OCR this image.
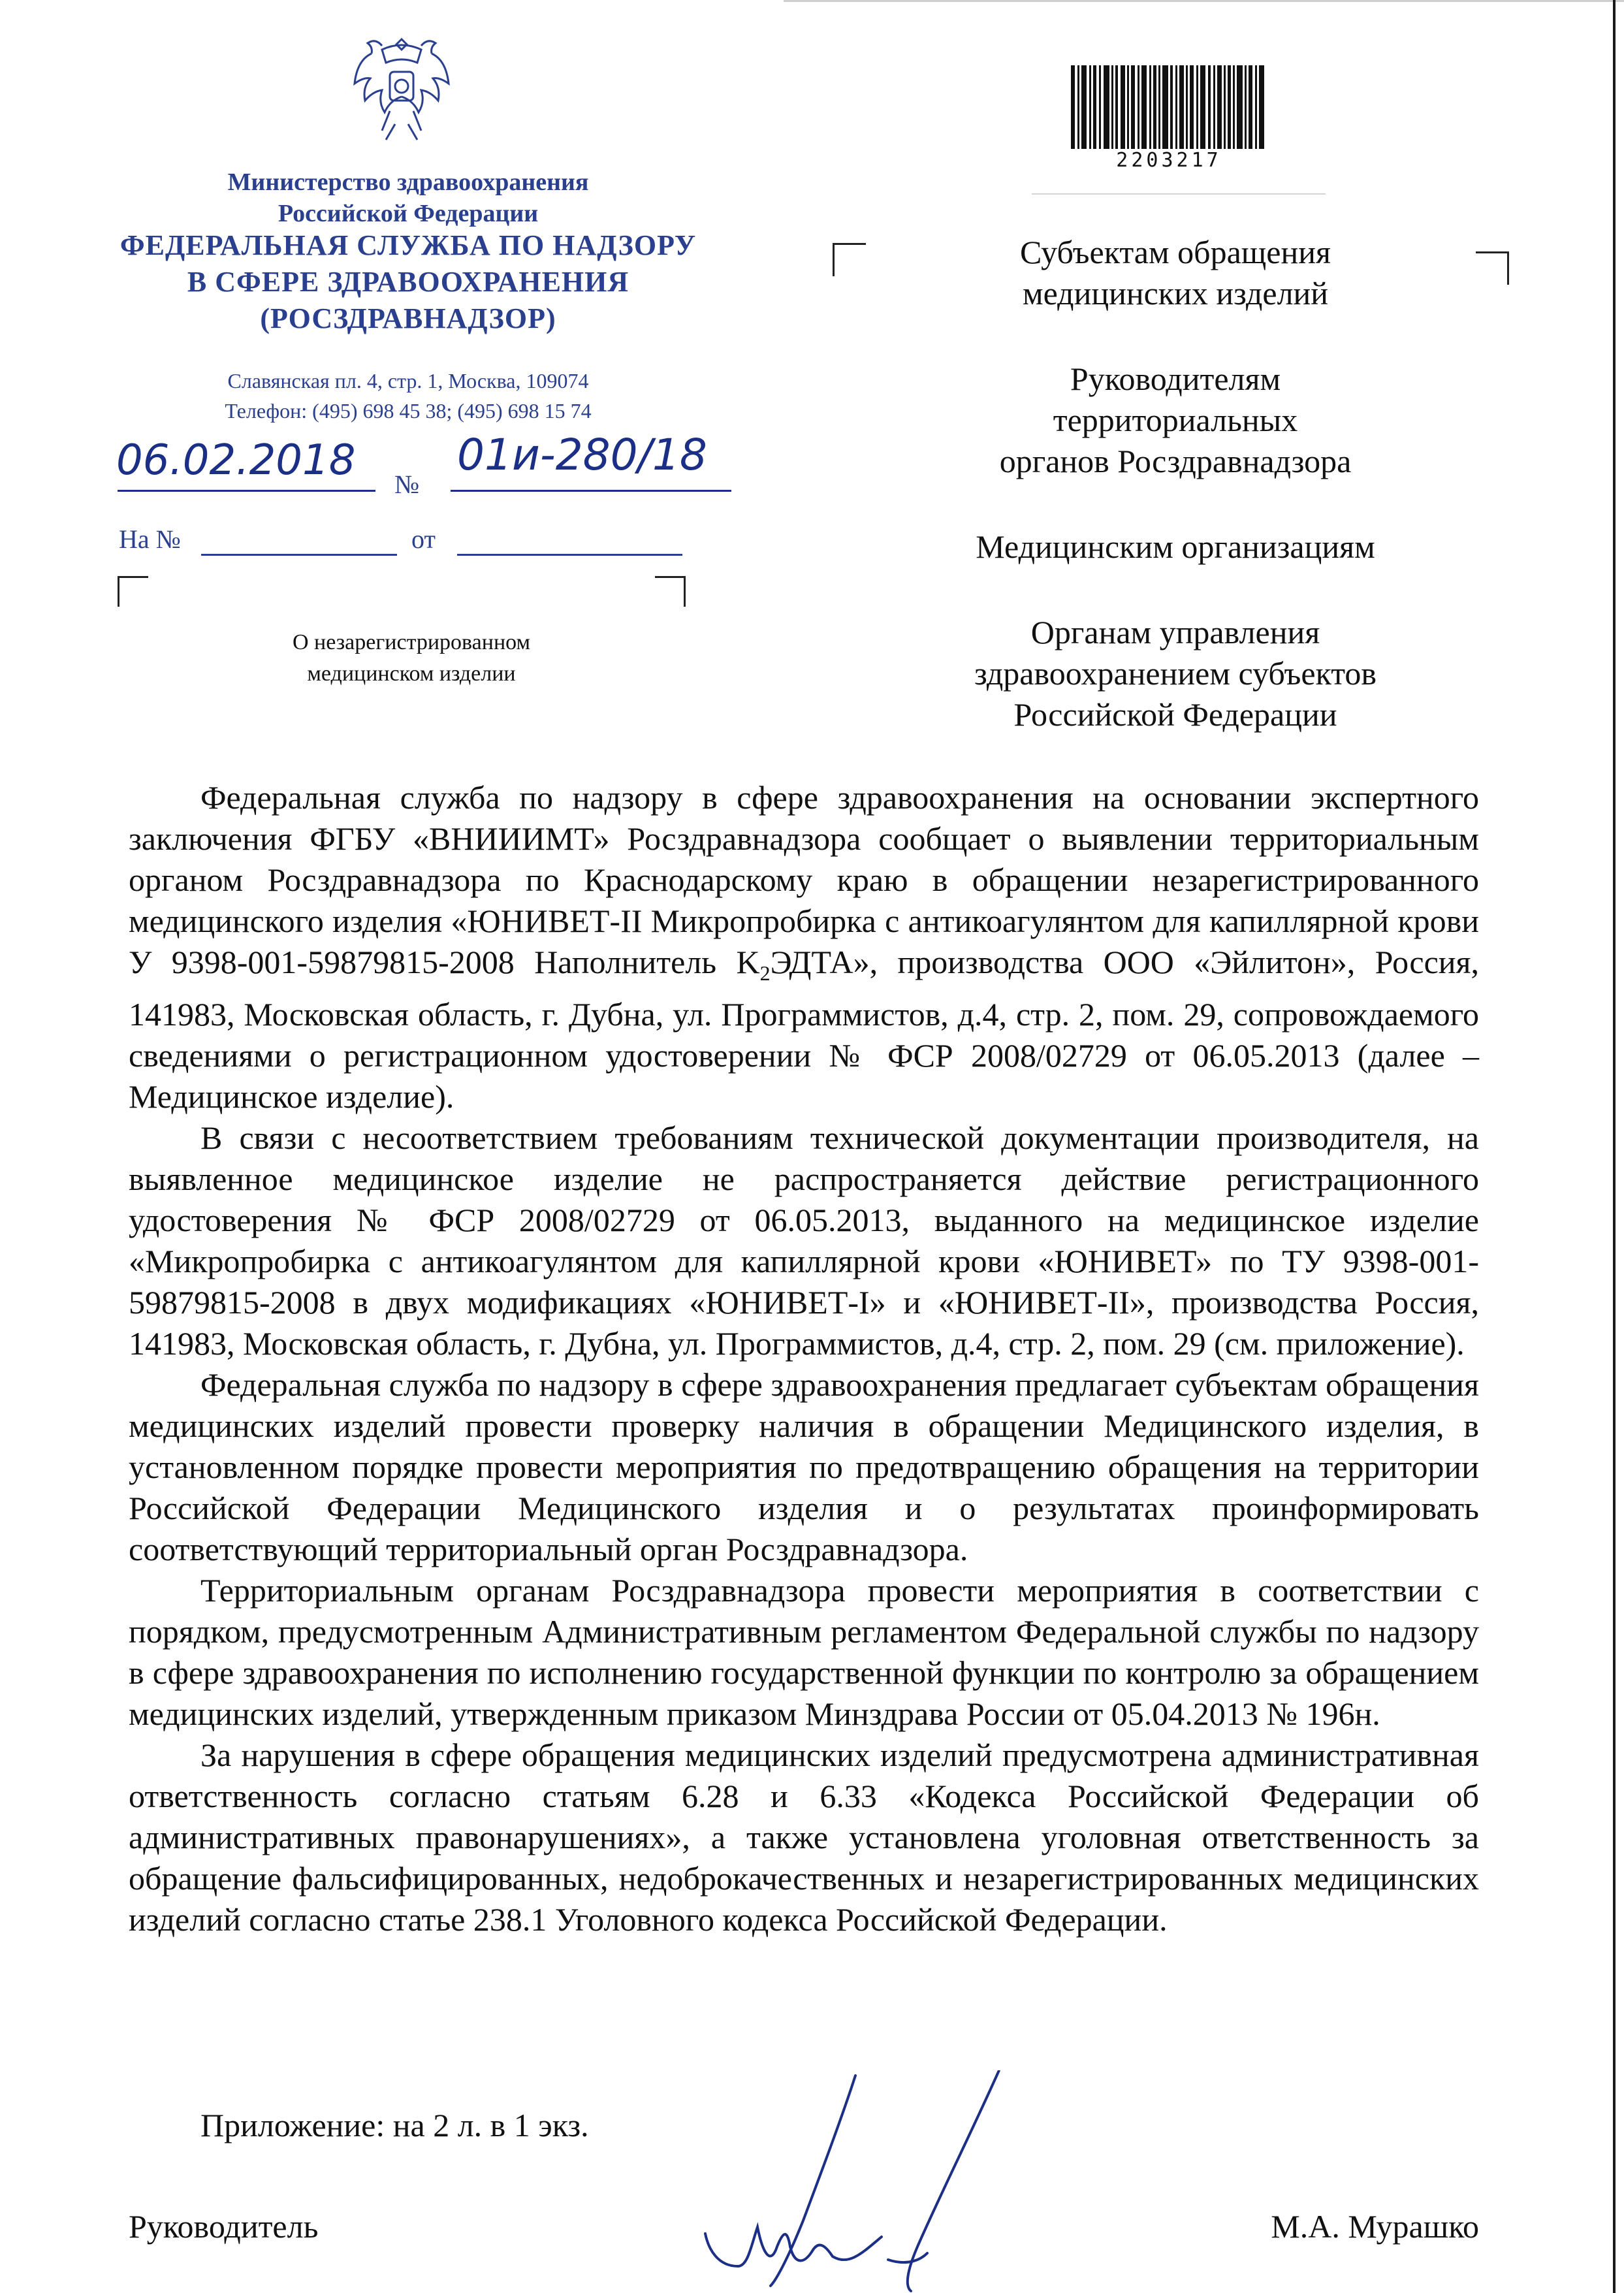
Министерство здравоохранения
Российской Федерации
ФЕДЕРАЛЬНАЯ СЛУЖБА ПО НАДЗОРУ
В СФЕРЕ ЗДРАВООХРАНЕНИЯ
(РОСЗДРАВНАДЗОР)
Славянская пл. 4, стр. 1, Москва, 109074
Телефон: (495) 698 45 38; (495) 698 15 74
06.02.2018 №
01и-280/18
На №	от
О незарегистрированном
медицинском изделии
2203217
Субъектам обращения
медицинских изделий
Руководителям
территориальных
органов Росздравнадзора
Медицинским организациям
Органам управления
здравоохранением субъектов
Российской Федерации

Федеральная служба по надзору в сфере здравоохранения на основании экспертного заключения ФГБУ «ВНИИИМТ» Росздравнадзора сообщает о выявлении территориальным органом Росздравнадзора по Краснодарскому краю в обращении незарегистрированного медицинского изделия «ЮНИВЕТ-II Микропробирка с антикоагулянтом для капиллярной крови У 9398-001-59879815-2008 Наполнитель $K_2ЭДТА$», производства ООО «Эйлитон», Россия, 141983, Московская область, г. Дубна, ул. Программистов, д.4, стр. 2, пом. 29, сопровождаемого сведениями о регистрационном удостоверении № ФСР 2008/02729 от 06.05.2013 (далее – Медицинское изделие).

В связи с несоответствием требованиям технической документации производителя, на выявленное медицинское изделие не распространяется действие регистрационного удостоверения № ФСР 2008/02729 от 06.05.2013, выданного на медицинское изделие «Микропробирка с антикоагулянтом для капиллярной крови «ЮНИВЕТ» по ТУ 9398-001-59879815-2008 в двух модификациях «ЮНИВЕТ-I» и «ЮНИВЕТ-II», производства Россия, 141983, Московская область, г. Дубна, ул. Программистов, д.4, стр. 2, пом. 29 (см. приложение).

Федеральная служба по надзору в сфере здравоохранения предлагает субъектам обращения медицинских изделий провести проверку наличия в обращении Медицинского изделия, в установленном порядке провести мероприятия по предотвращению обращения на территории Российской Федерации Медицинского изделия и о результатах проинформировать соответствующий территориальный орган Росздравнадзора.

Территориальным органам Росздравнадзора провести мероприятия в соответствии с порядком, предусмотренным Административным регламентом Федеральной службы по надзору в сфере здравоохранения по исполнению государственной функции по контролю за обращением медицинских изделий, утвержденным приказом Минздрава России от 05.04.2013 № 196н.

За нарушения в сфере обращения медицинских изделий предусмотрена административная ответственность согласно статьям 6.28 и 6.33 «Кодекса Российской Федерации об административных правонарушениях», а также установлена уголовная ответственность за обращение фальсифицированных, недоброкачественных и незарегистрированных медицинских изделий согласно статье 238.1 Уголовного кодекса Российской Федерации.

Приложение: на 2 л. в 1 экз.
Руководитель	М.А. Мурашко
